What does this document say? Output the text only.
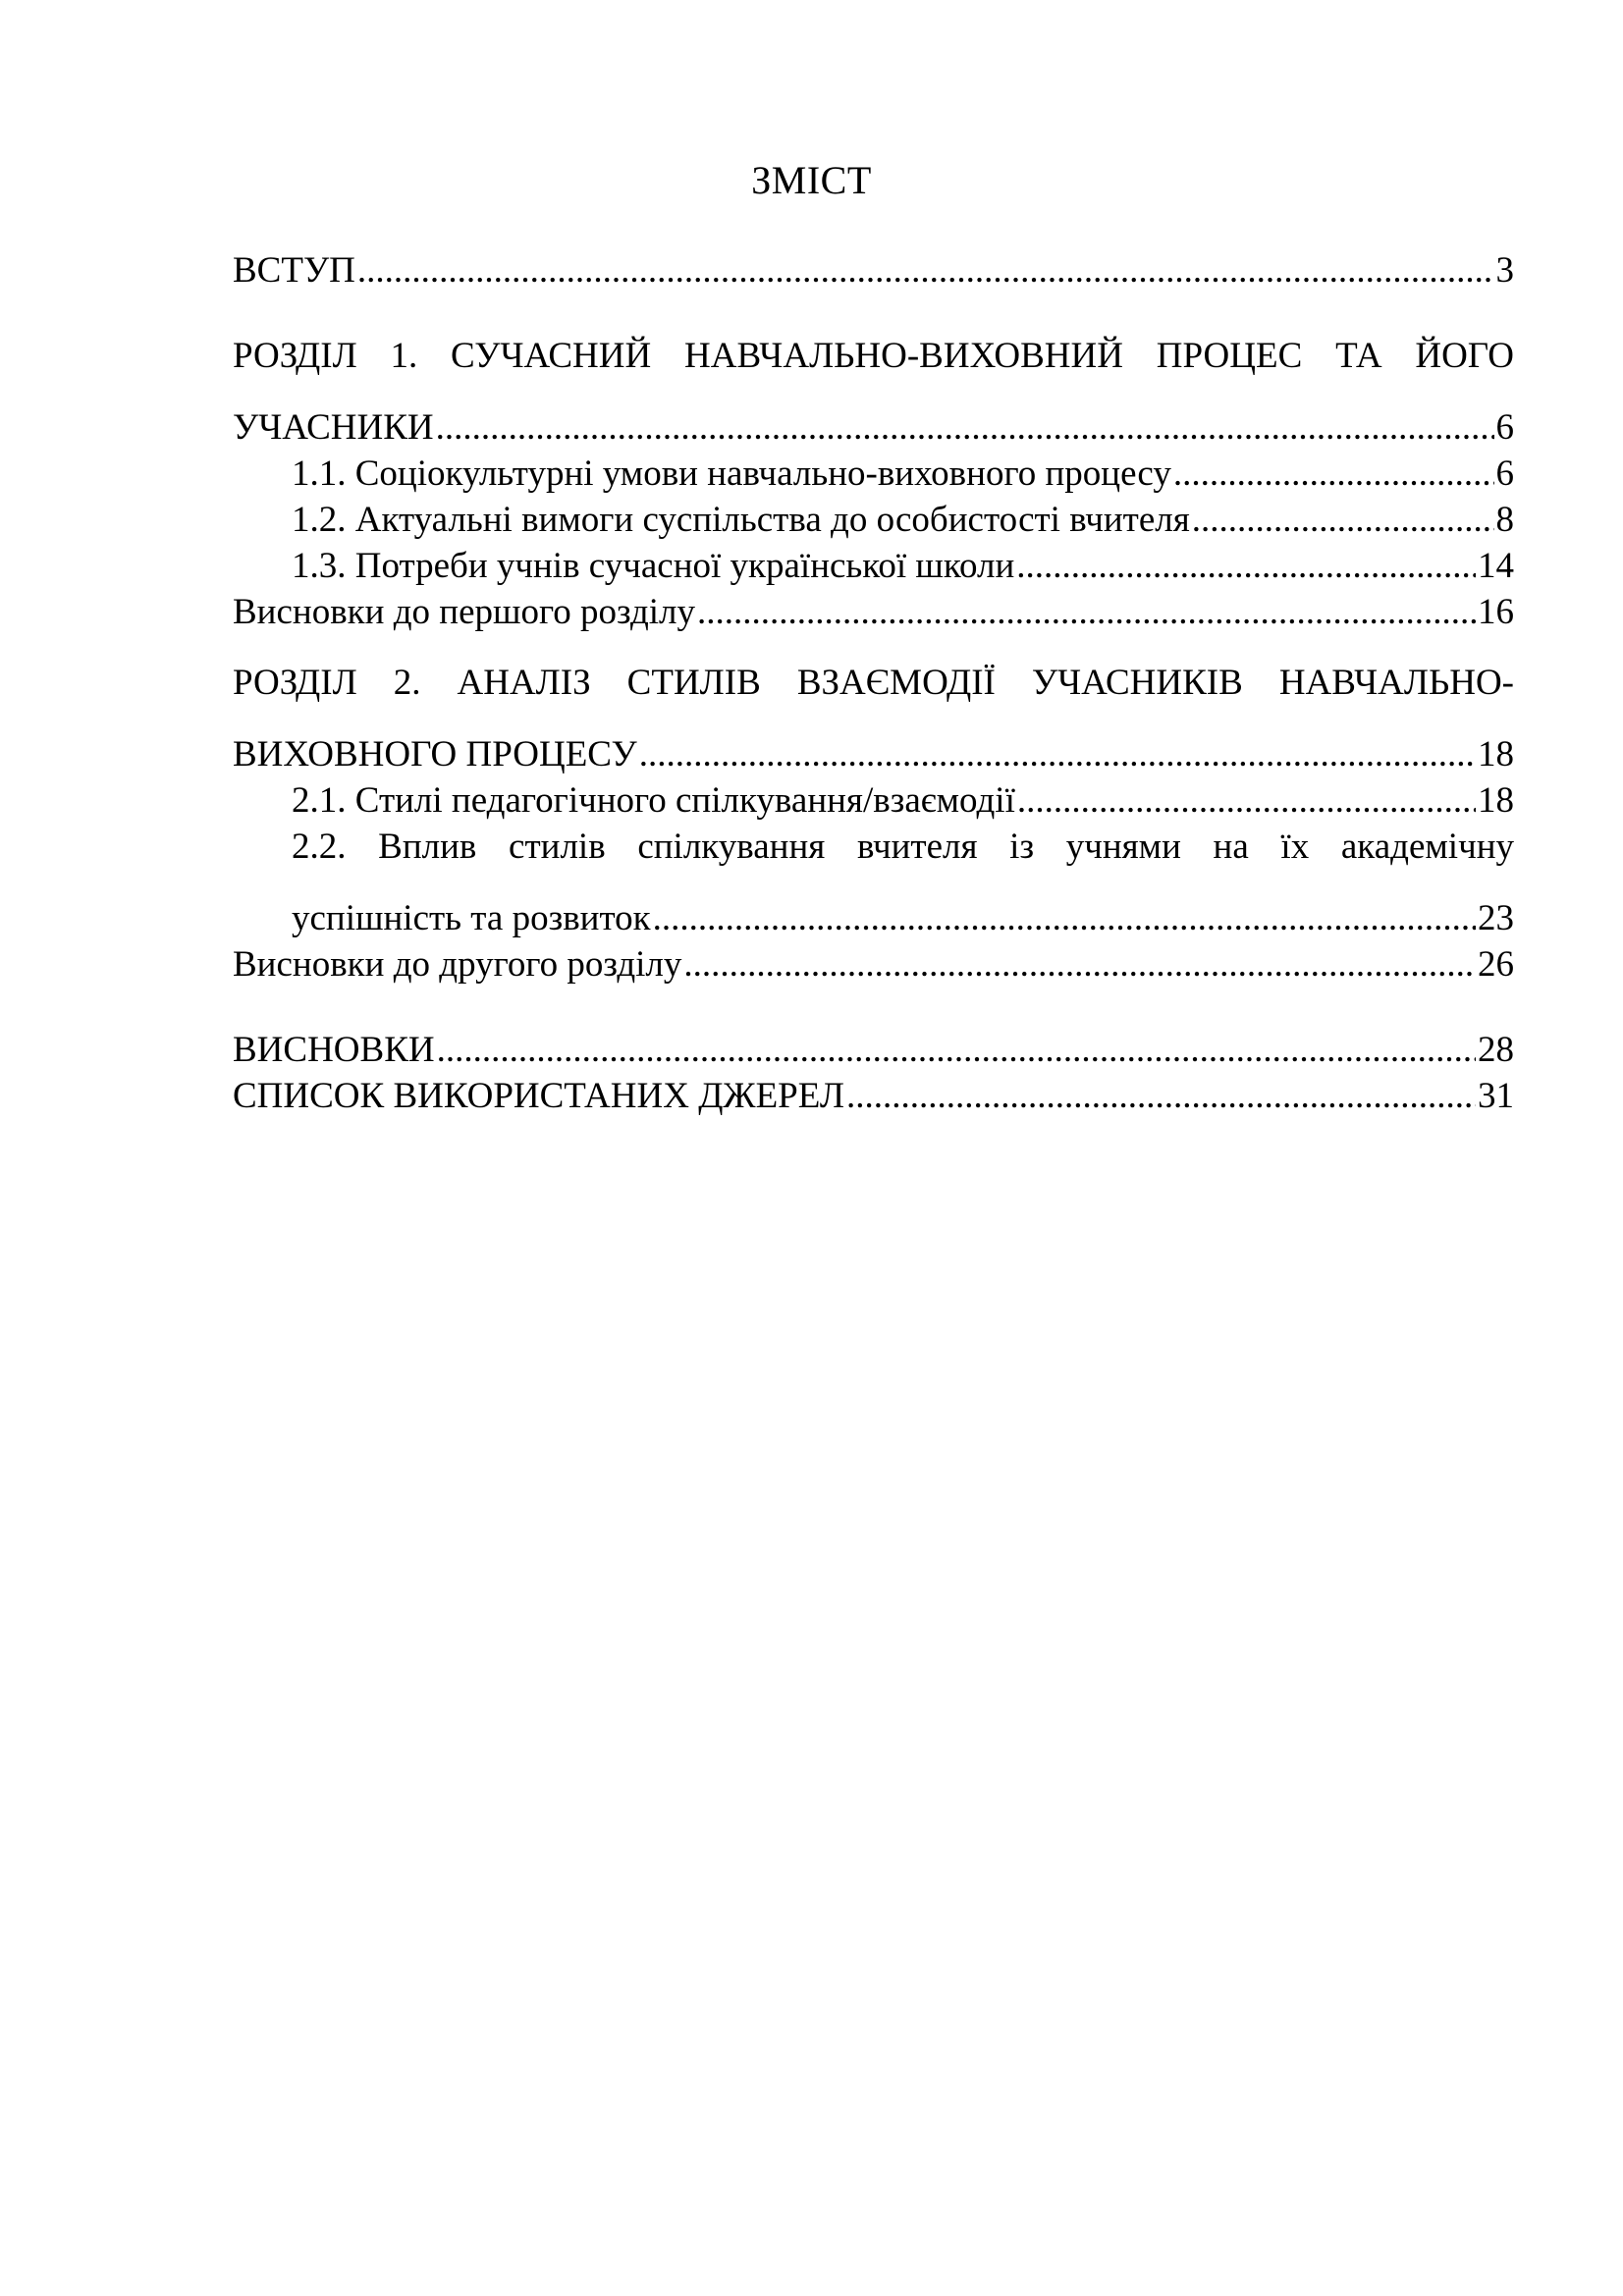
ЗМІСТ
ВСТУП .....	3
РОЗДІЛ 1. СУЧАСНИЙ НАВЧАЛЬНО-ВИХОВНИЙ ПРОЦЕС ТА ЙОГО
УЧАСНИКИ .....	6
1.1. Соціокультурні умови навчально-виховного процесу .....	6
1.2. Актуальні вимоги суспільства до особистості вчителя .....	8
1.3. Потреби учнів сучасної української школи .....	14
Висновки до першого розділу .....	16
РОЗДІЛ 2. АНАЛІЗ СТИЛІВ ВЗАЄМОДІЇ УЧАСНИКІВ НАВЧАЛЬНО-
ВИХОВНОГО ПРОЦЕСУ .....	18
2.1. Стилі педагогічного спілкування/взаємодії .....	18
2.2. Вплив стилів спілкування вчителя із учнями на їх академічну
успішність та розвиток .....	23
Висновки до другого розділу .....	26
ВИСНОВКИ .....	28
СПИСОК ВИКОРИСТАНИХ ДЖЕРЕЛ .....	31
